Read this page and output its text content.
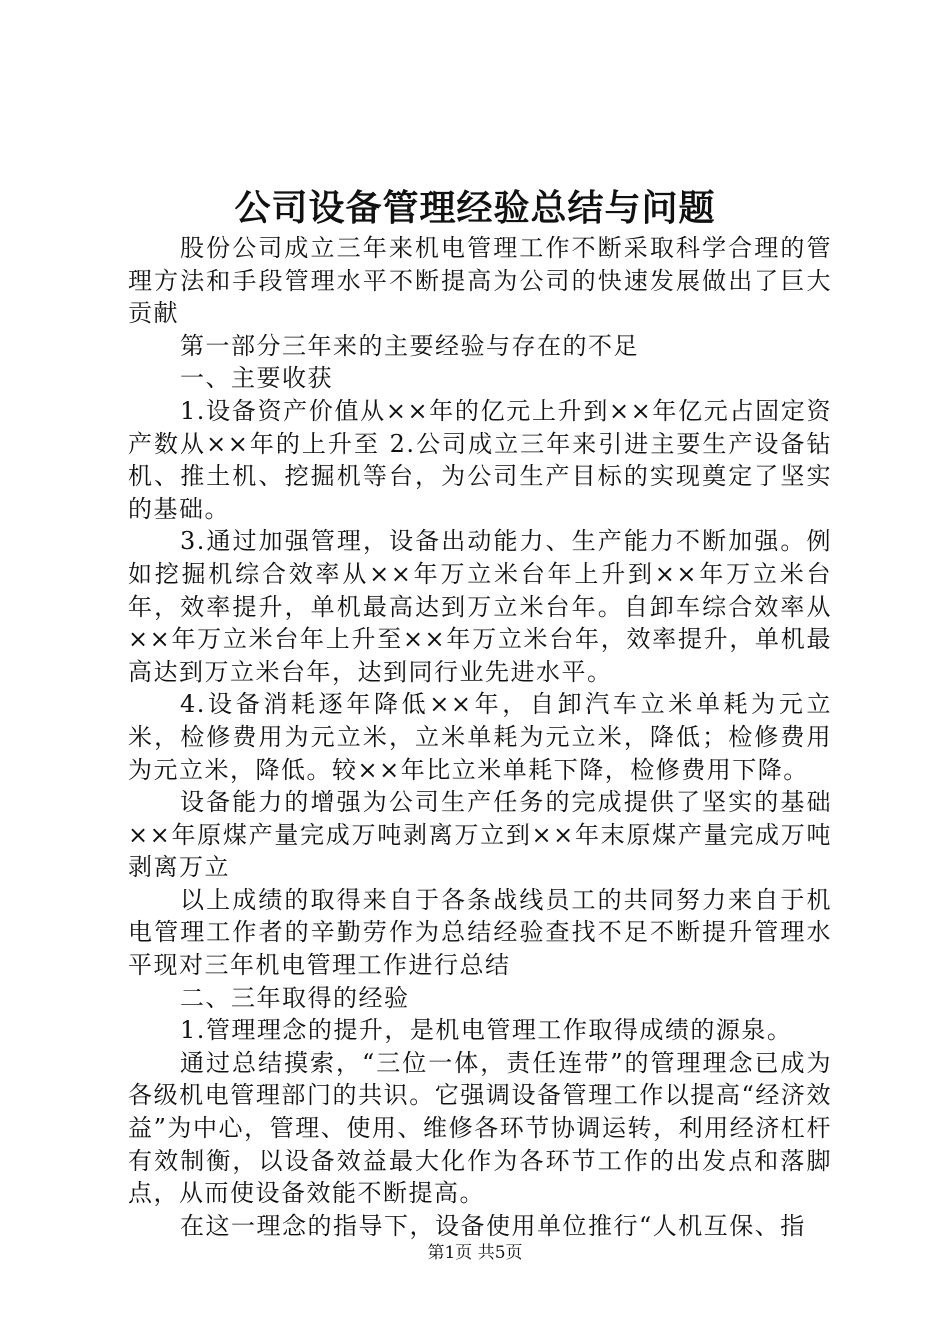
公司设备管理经验总结与问题

股份公司成立三年来机电管理工作不断采取科学合理的管理方法和手段管理水平不断提高为公司的快速发展做出了巨大贡献

第一部分三年来的主要经验与存在的不足

一、主要收获

1.设备资产价值从××年的亿元上升到××年亿元占固定资产数从××年的上升至 2.公司成立三年来引进主要生产设备钻机、推土机、挖掘机等台，为公司生产目标的实现奠定了坚实的基础。

3.通过加强管理，设备出动能力、生产能力不断加强。例如挖掘机综合效率从××年万立米台年上升到××年万立米台年，效率提升，单机最高达到万立米台年。自卸车综合效率从××年万立米台年上升至××年万立米台年，效率提升，单机最高达到万立米台年，达到同行业先进水平。

4.设备消耗逐年降低××年，自卸汽车立米单耗为元立米，检修费用为元立米，立米单耗为元立米，降低；检修费用为元立米，降低。较××年比立米单耗下降，检修费用下降。

设备能力的增强为公司生产任务的完成提供了坚实的基础××年原煤产量完成万吨剥离万立到××年末原煤产量完成万吨剥离万立

以上成绩的取得来自于各条战线员工的共同努力来自于机电管理工作者的辛勤劳作为总结经验查找不足不断提升管理水平现对三年机电管理工作进行总结

二、三年取得的经验

1.管理理念的提升，是机电管理工作取得成绩的源泉。

通过总结摸索，“三位一体，责任连带”的管理理念已成为各级机电管理部门的共识。它强调设备管理工作以提高“经济效益”为中心，管理、使用、维修各环节协调运转，利用经济杠杆有效制衡，以设备效益最大化作为各环节工作的出发点和落脚点，从而使设备效能不断提高。

在这一理念的指导下，设备使用单位推行“人机互保、指

第1页 共5页
